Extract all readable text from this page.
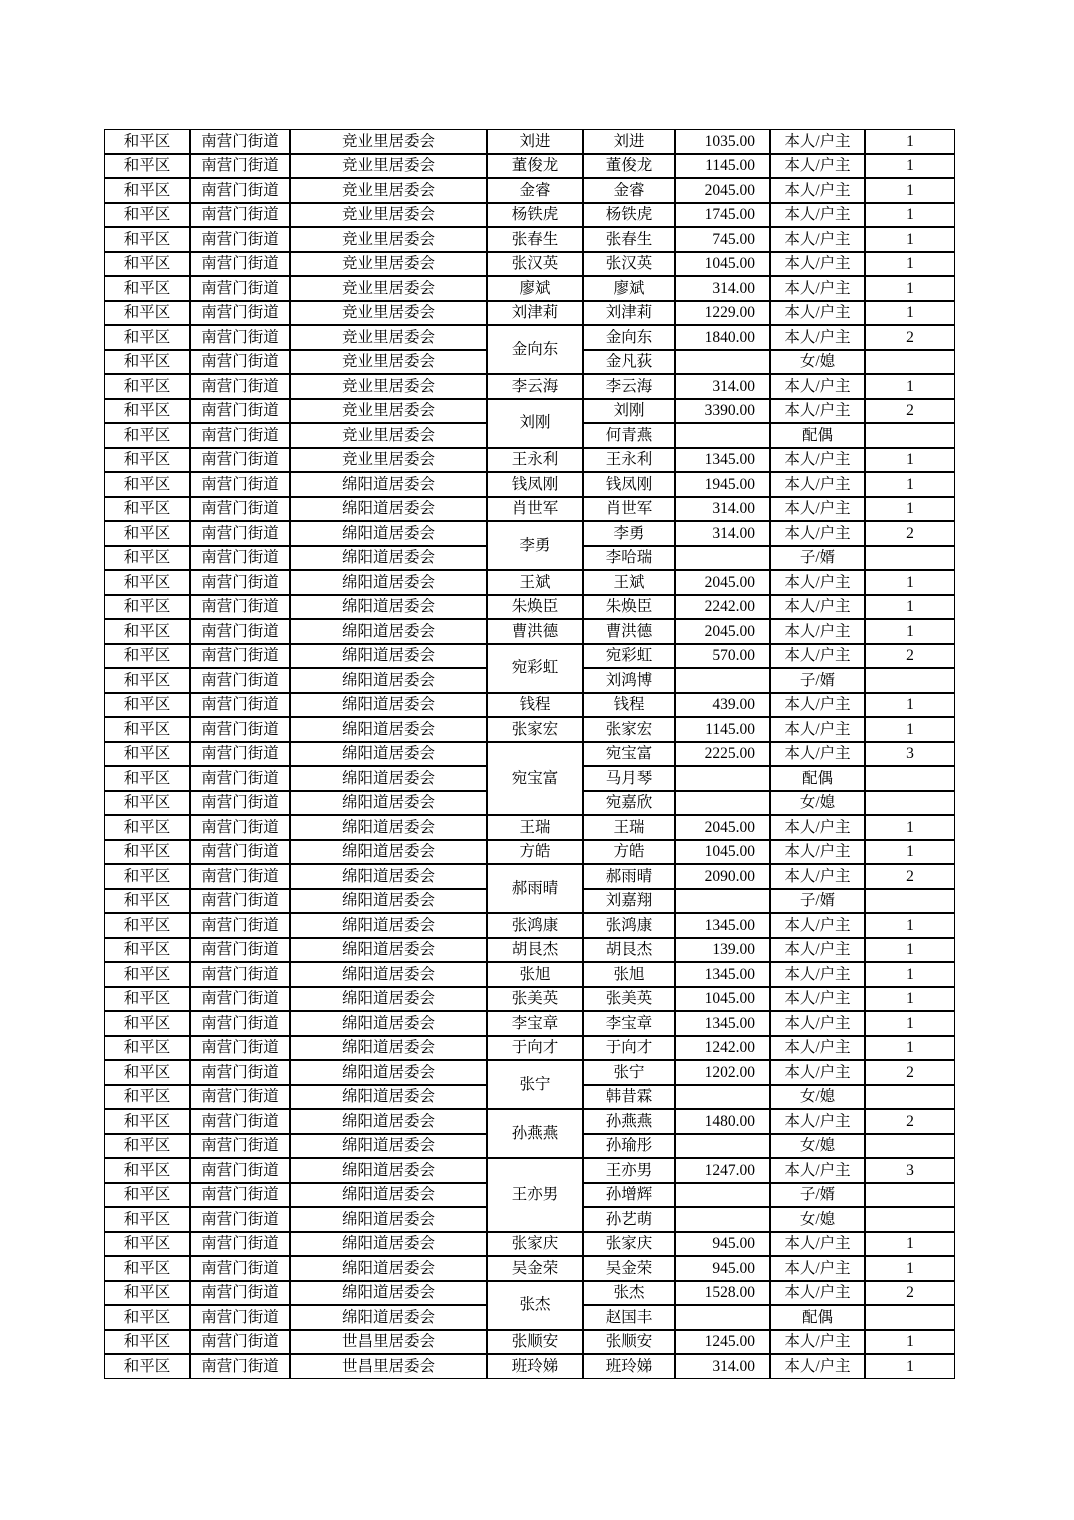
和平区	南营门街道	竞业里居委会	刘进	刘进	1035.00	本人/户主	1
和平区	南营门街道	竞业里居委会	董俊龙	董俊龙	1145.00	本人/户主	1
和平区	南营门街道	竞业里居委会	金睿	金睿	2045.00	本人/户主	1
和平区	南营门街道	竞业里居委会	杨铁虎	杨铁虎	1745.00	本人/户主	1
和平区	南营门街道	竞业里居委会	张春生	张春生	745.00	本人/户主	1
和平区	南营门街道	竞业里居委会	张汉英	张汉英	1045.00	本人/户主	1
和平区	南营门街道	竞业里居委会	廖斌	廖斌	314.00	本人/户主	1
和平区	南营门街道	竞业里居委会	刘津莉	刘津莉	1229.00	本人/户主	1
和平区	南营门街道	竞业里居委会	金向东	金向东	1840.00	本人/户主	2
和平区	南营门街道	竞业里居委会		金凡荻		女/媳	
和平区	南营门街道	竞业里居委会	李云海	李云海	314.00	本人/户主	1
和平区	南营门街道	竞业里居委会	刘刚	刘刚	3390.00	本人/户主	2
和平区	南营门街道	竞业里居委会		何青燕		配偶	
和平区	南营门街道	竞业里居委会	王永利	王永利	1345.00	本人/户主	1
和平区	南营门街道	绵阳道居委会	钱凤刚	钱凤刚	1945.00	本人/户主	1
和平区	南营门街道	绵阳道居委会	肖世军	肖世军	314.00	本人/户主	1
和平区	南营门街道	绵阳道居委会	李勇	李勇	314.00	本人/户主	2
和平区	南营门街道	绵阳道居委会		李哈瑞		子/婿	
和平区	南营门街道	绵阳道居委会	王斌	王斌	2045.00	本人/户主	1
和平区	南营门街道	绵阳道居委会	朱焕臣	朱焕臣	2242.00	本人/户主	1
和平区	南营门街道	绵阳道居委会	曹洪德	曹洪德	2045.00	本人/户主	1
和平区	南营门街道	绵阳道居委会	宛彩虹	宛彩虹	570.00	本人/户主	2
和平区	南营门街道	绵阳道居委会		刘鸿博		子/婿	
和平区	南营门街道	绵阳道居委会	钱程	钱程	439.00	本人/户主	1
和平区	南营门街道	绵阳道居委会	张家宏	张家宏	1145.00	本人/户主	1
和平区	南营门街道	绵阳道居委会	宛宝富	宛宝富	2225.00	本人/户主	3
和平区	南营门街道	绵阳道居委会		马月琴		配偶	
和平区	南营门街道	绵阳道居委会		宛嘉欣		女/媳	
和平区	南营门街道	绵阳道居委会	王瑞	王瑞	2045.00	本人/户主	1
和平区	南营门街道	绵阳道居委会	方皓	方皓	1045.00	本人/户主	1
和平区	南营门街道	绵阳道居委会	郝雨晴	郝雨晴	2090.00	本人/户主	2
和平区	南营门街道	绵阳道居委会		刘嘉翔		子/婿	
和平区	南营门街道	绵阳道居委会	张鸿康	张鸿康	1345.00	本人/户主	1
和平区	南营门街道	绵阳道居委会	胡艮杰	胡艮杰	139.00	本人/户主	1
和平区	南营门街道	绵阳道居委会	张旭	张旭	1345.00	本人/户主	1
和平区	南营门街道	绵阳道居委会	张美英	张美英	1045.00	本人/户主	1
和平区	南营门街道	绵阳道居委会	李宝章	李宝章	1345.00	本人/户主	1
和平区	南营门街道	绵阳道居委会	于向才	于向才	1242.00	本人/户主	1
和平区	南营门街道	绵阳道居委会	张宁	张宁	1202.00	本人/户主	2
和平区	南营门街道	绵阳道居委会		韩昔霖		女/媳	
和平区	南营门街道	绵阳道居委会	孙燕燕	孙燕燕	1480.00	本人/户主	2
和平区	南营门街道	绵阳道居委会		孙瑜彤		女/媳	
和平区	南营门街道	绵阳道居委会	王亦男	王亦男	1247.00	本人/户主	3
和平区	南营门街道	绵阳道居委会		孙增辉		子/婿	
和平区	南营门街道	绵阳道居委会		孙艺萌		女/媳	
和平区	南营门街道	绵阳道居委会	张家庆	张家庆	945.00	本人/户主	1
和平区	南营门街道	绵阳道居委会	吴金荣	吴金荣	945.00	本人/户主	1
和平区	南营门街道	绵阳道居委会	张杰	张杰	1528.00	本人/户主	2
和平区	南营门街道	绵阳道居委会		赵国丰		配偶	
和平区	南营门街道	世昌里居委会	张顺安	张顺安	1245.00	本人/户主	1
和平区	南营门街道	世昌里居委会	班玲娣	班玲娣	314.00	本人/户主	1
